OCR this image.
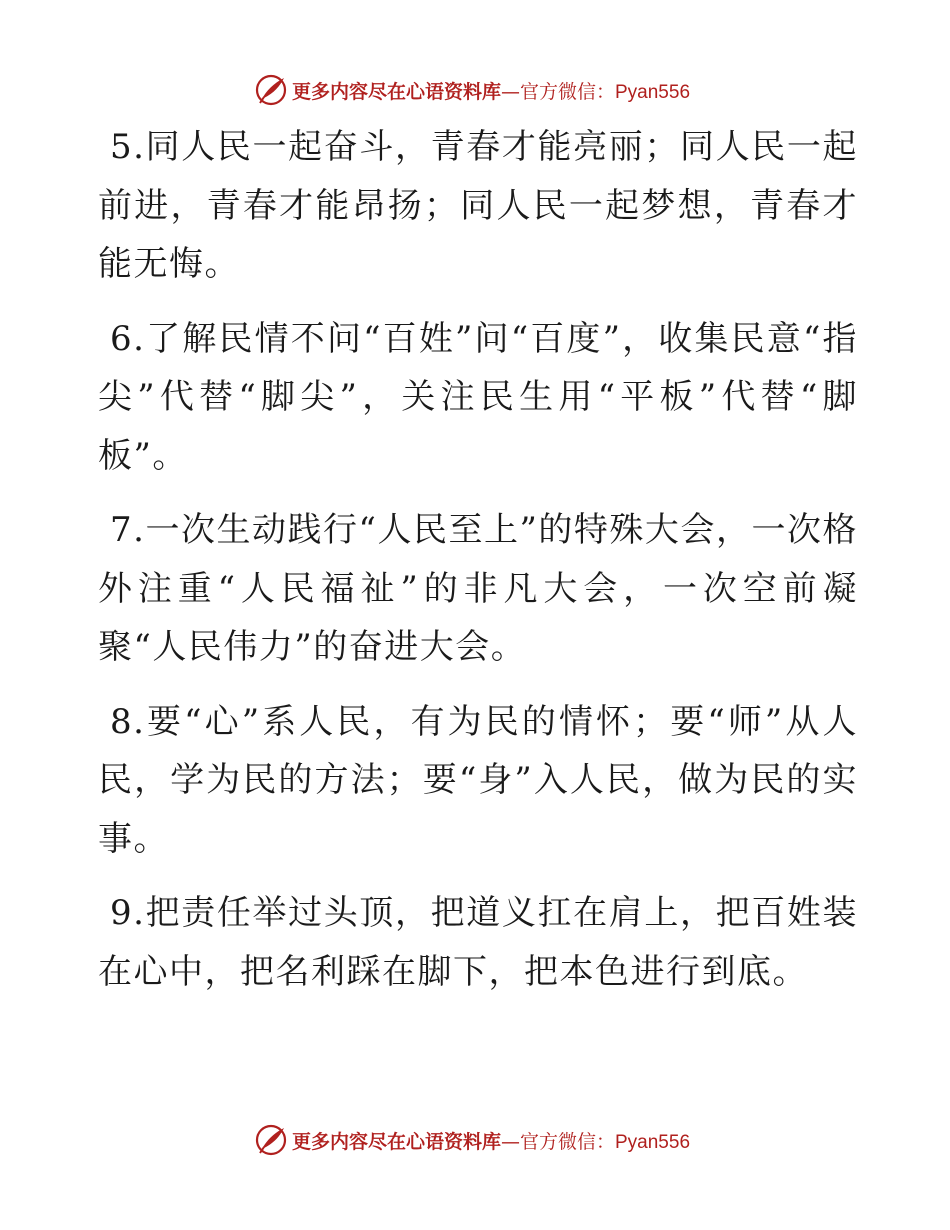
更多内容尽在心语资料库—官方微信：Pyan556

5.同人民一起奋斗，青春才能亮丽；同人民一起前进，青春才能昂扬；同人民一起梦想，青春才能无悔。

6.了解民情不问“百姓”问“百度”，收集民意“指尖”代替“脚尖”，关注民生用“平板”代替“脚板”。

7.一次生动践行“人民至上”的特殊大会，一次格外注重“人民福祉”的非凡大会，一次空前凝聚“人民伟力”的奋进大会。

8.要“心”系人民，有为民的情怀；要“师”从人民，学为民的方法；要“身”入人民，做为民的实事。

9.把责任举过头顶，把道义扛在肩上，把百姓装在心中，把名利踩在脚下，把本色进行到底。

更多内容尽在心语资料库—官方微信：Pyan556
